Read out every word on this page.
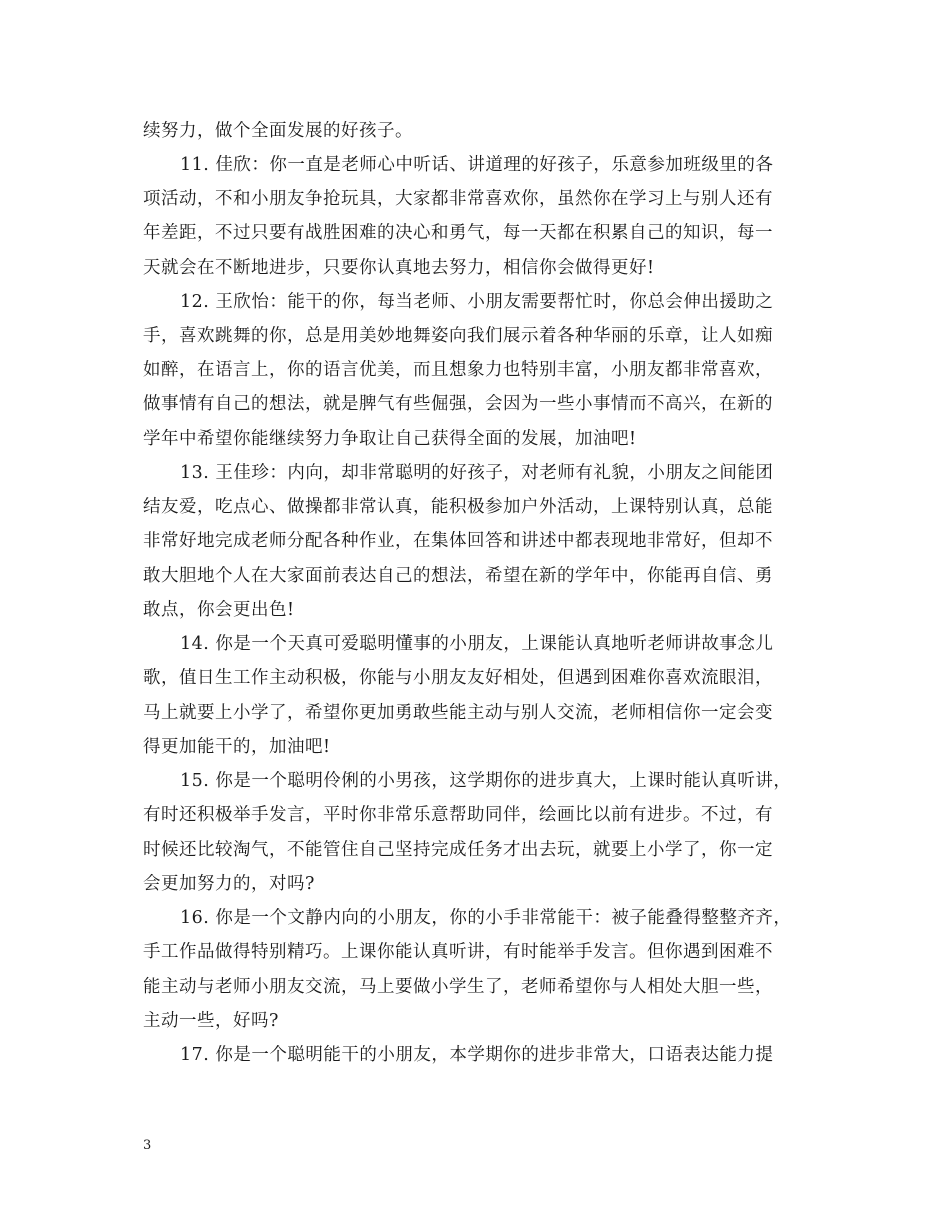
续努力，做个全面发展的好孩子。
11. 佳欣：你一直是老师心中听话、讲道理的好孩子，乐意参加班级里的各
项活动，不和小朋友争抢玩具，大家都非常喜欢你，虽然你在学习上与别人还有
年差距，不过只要有战胜困难的决心和勇气，每一天都在积累自己的知识，每一
天就会在不断地进步，只要你认真地去努力，相信你会做得更好!
12. 王欣怡：能干的你，每当老师、小朋友需要帮忙时，你总会伸出援助之
手，喜欢跳舞的你，总是用美妙地舞姿向我们展示着各种华丽的乐章，让人如痴
如醉，在语言上，你的语言优美，而且想象力也特别丰富，小朋友都非常喜欢，
做事情有自己的想法，就是脾气有些倔强，会因为一些小事情而不高兴，在新的
学年中希望你能继续努力争取让自己获得全面的发展，加油吧!
13. 王佳珍：内向，却非常聪明的好孩子，对老师有礼貌，小朋友之间能团
结友爱，吃点心、做操都非常认真，能积极参加户外活动，上课特别认真，总能
非常好地完成老师分配各种作业，在集体回答和讲述中都表现地非常好，但却不
敢大胆地个人在大家面前表达自己的想法，希望在新的学年中，你能再自信、勇
敢点，你会更出色!
14. 你是一个天真可爱聪明懂事的小朋友，上课能认真地听老师讲故事念儿
歌，值日生工作主动积极，你能与小朋友友好相处，但遇到困难你喜欢流眼泪，
马上就要上小学了，希望你更加勇敢些能主动与别人交流，老师相信你一定会变
得更加能干的，加油吧!
15. 你是一个聪明伶俐的小男孩，这学期你的进步真大，上课时能认真听讲，
有时还积极举手发言，平时你非常乐意帮助同伴，绘画比以前有进步。不过，有
时候还比较淘气，不能管住自己坚持完成任务才出去玩，就要上小学了，你一定
会更加努力的，对吗?
16. 你是一个文静内向的小朋友，你的小手非常能干：被子能叠得整整齐齐，
手工作品做得特别精巧。上课你能认真听讲，有时能举手发言。但你遇到困难不
能主动与老师小朋友交流，马上要做小学生了，老师希望你与人相处大胆一些，
主动一些，好吗?
17. 你是一个聪明能干的小朋友，本学期你的进步非常大，口语表达能力提
3
